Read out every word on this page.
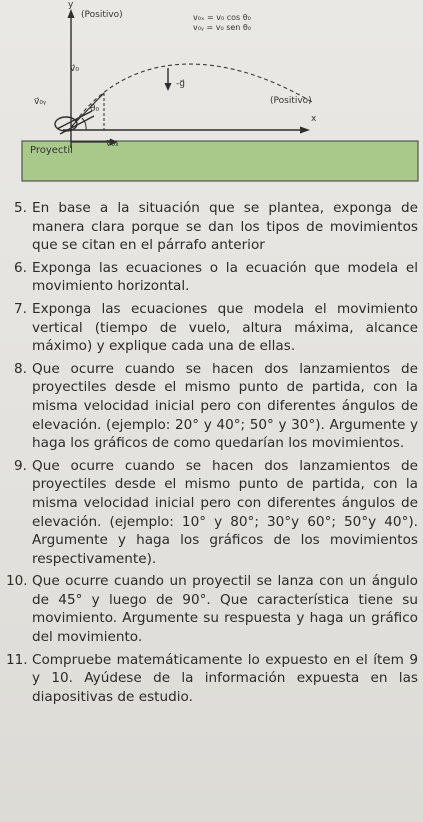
y
(Positivo)	v₀ₓ = v₀ cos θ₀
v₀ᵧ = v₀ sen θ₀
v⃗₀
-g⃗
v⃗₀ᵧ
θ₀
(Positivo)
x
v⃗₀ₓ
Proyectil
5. En base a la situación que se plantea, exponga de manera clara porque se dan los tipos de movimientos que se citan en el párrafo anterior
6. Exponga las ecuaciones o la ecuación que modela el movimiento horizontal.
7. Exponga las ecuaciones que modela el movimiento vertical (tiempo de vuelo, altura máxima, alcance máximo) y explique cada una de ellas.
8. Que ocurre cuando se hacen dos lanzamientos de proyectiles desde el mismo punto de partida, con la misma velocidad inicial pero con diferentes ángulos de elevación. (ejemplo: 20° y 40°; 50° y 30°). Argumente y haga los gráficos de como quedarían los movimientos.
9. Que ocurre cuando se hacen dos lanzamientos de proyectiles desde el mismo punto de partida, con la misma velocidad inicial pero con diferentes ángulos de elevación. (ejemplo: 10° y 80°; 30°y 60°; 50°y 40°). Argumente y haga los gráficos de los movimientos respectivamente).
10. Que ocurre cuando un proyectil se lanza con un ángulo de 45° y luego de 90°. Que característica tiene su movimiento. Argumente su respuesta y haga un gráfico del movimiento.
11. Compruebe matemáticamente lo expuesto en el ítem 9 y 10. Ayúdese de la información expuesta en las diapositivas de estudio.
